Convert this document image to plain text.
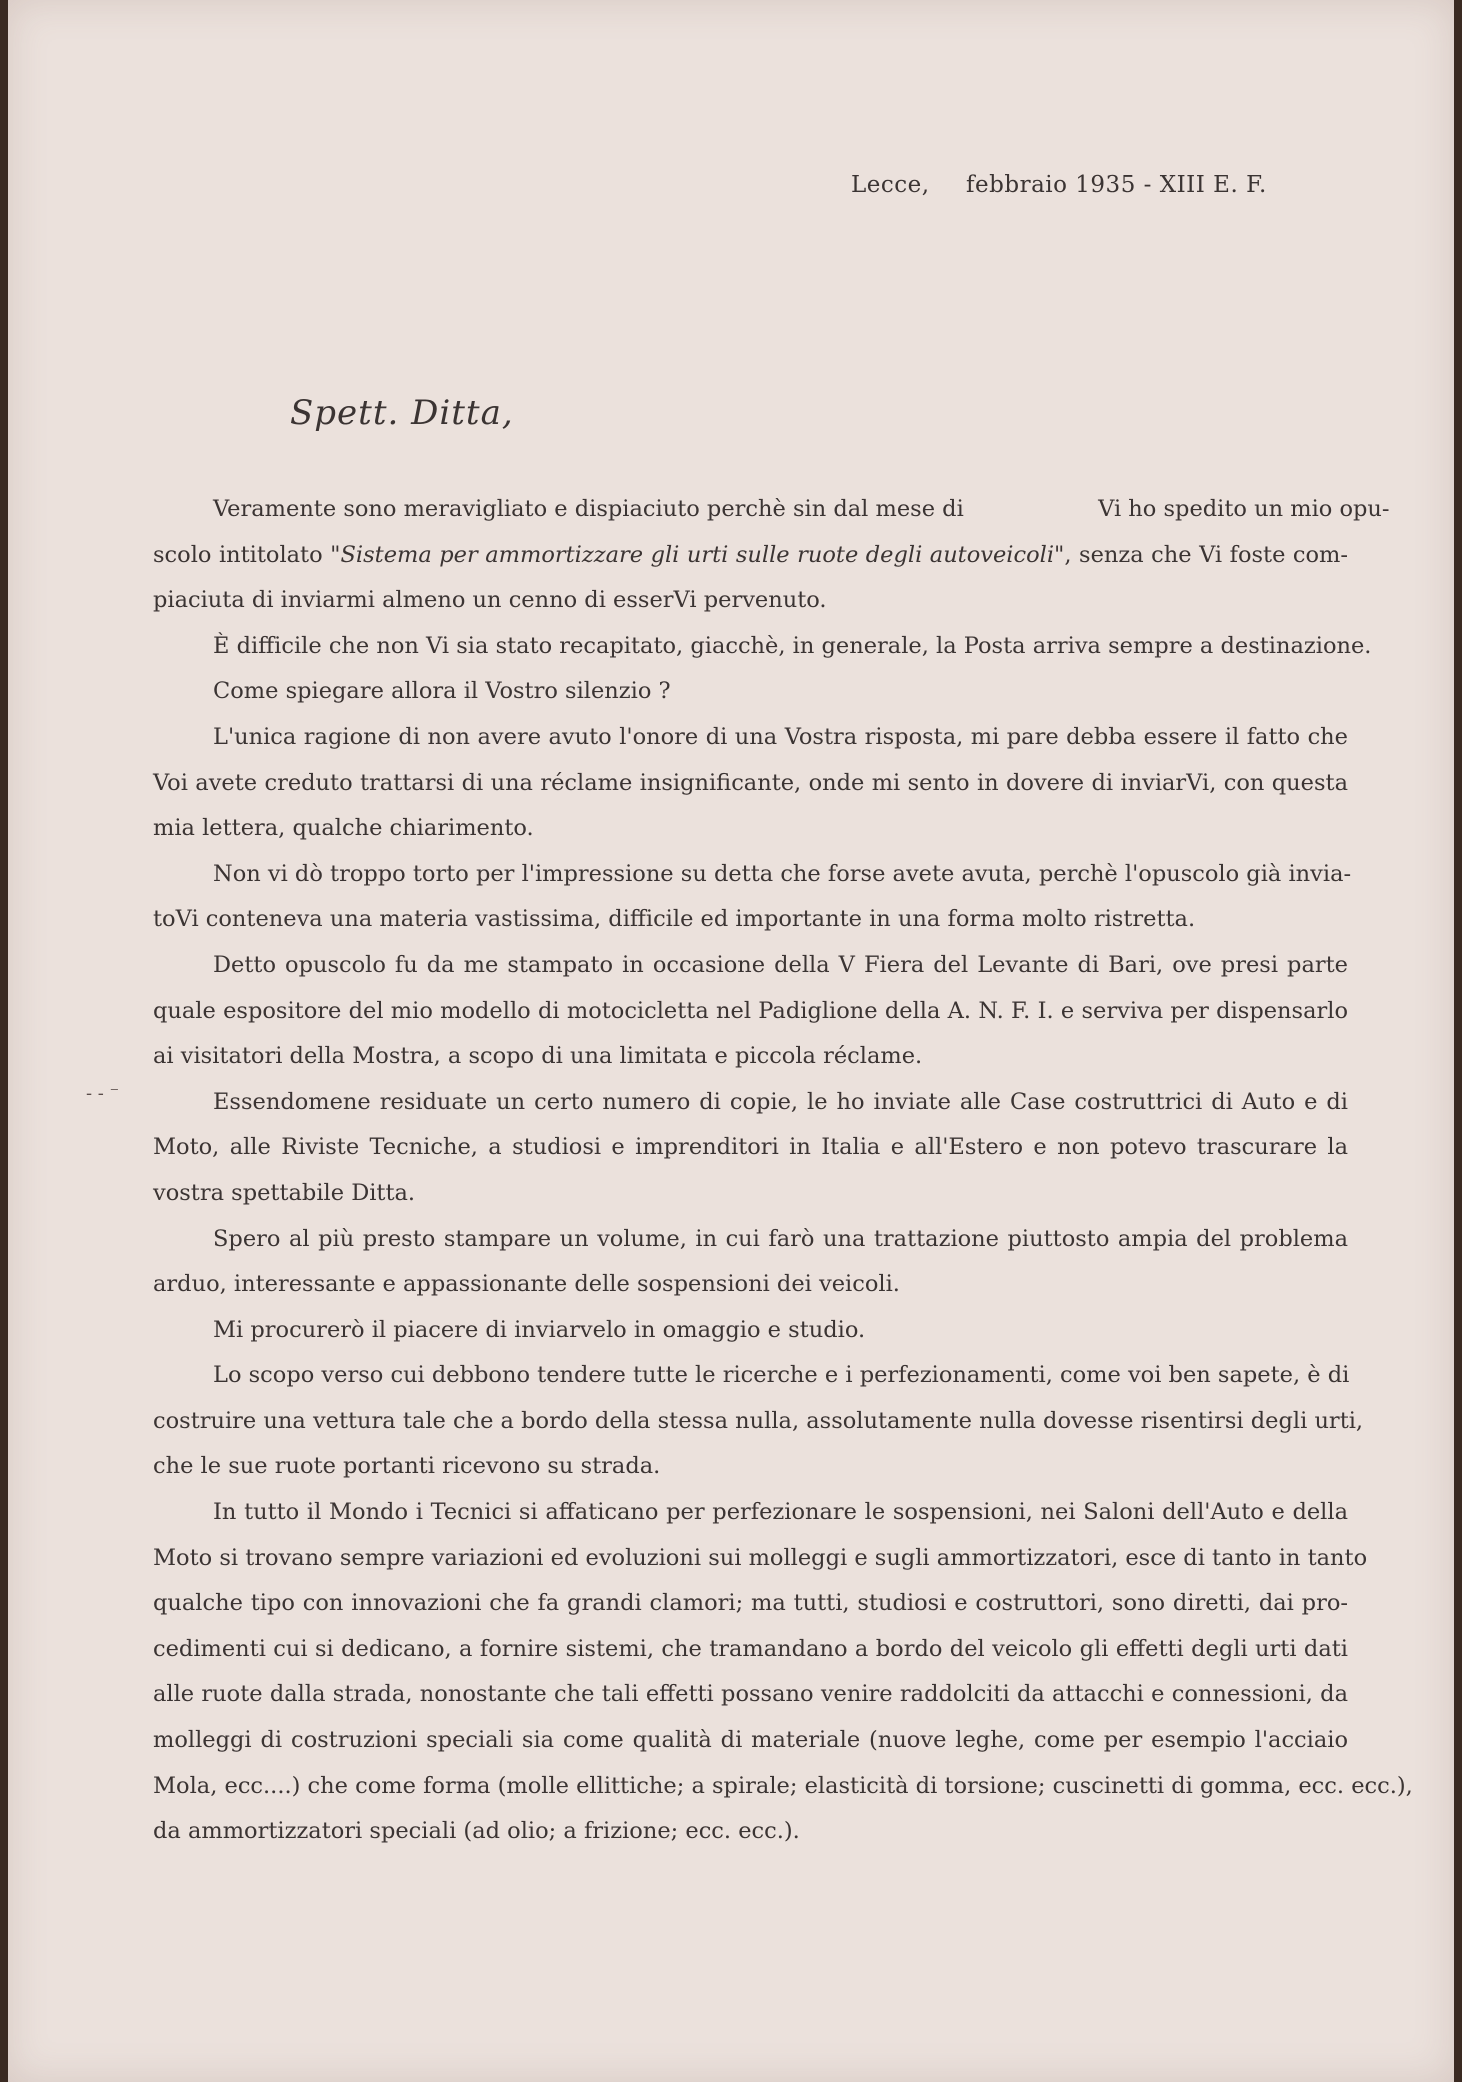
Lecce, febbraio 1935 - XIII E. F.
Spett. Ditta,
- - ⁻
Veramente sono meravigliato e dispiaciuto perchè sin dal mese di	Vi ho spedito un mio opu-
scolo intitolato "Sistema per ammortizzare gli urti sulle ruote degli autoveicoli", senza che Vi foste com-
piaciuta di inviarmi almeno un cenno di esserVi pervenuto.
È difficile che non Vi sia stato recapitato, giacchè, in generale, la Posta arriva sempre a destinazione.
Come spiegare allora il Vostro silenzio ?
L'unica ragione di non avere avuto l'onore di una Vostra risposta, mi pare debba essere il fatto che
Voi avete creduto trattarsi di una réclame insignificante, onde mi sento in dovere di inviarVi, con questa
mia lettera, qualche chiarimento.
Non vi dò troppo torto per l'impressione su detta che forse avete avuta, perchè l'opuscolo già invia-
toVi conteneva una materia vastissima, difficile ed importante in una forma molto ristretta.
Detto opuscolo fu da me stampato in occasione della V Fiera del Levante di Bari, ove presi parte
quale espositore del mio modello di motocicletta nel Padiglione della A. N. F. I. e serviva per dispensarlo
ai visitatori della Mostra, a scopo di una limitata e piccola réclame.
Essendomene residuate un certo numero di copie, le ho inviate alle Case costruttrici di Auto e di
Moto, alle Riviste Tecniche, a studiosi e imprenditori in Italia e all'Estero e non potevo trascurare la
vostra spettabile Ditta.
Spero al più presto stampare un volume, in cui farò una trattazione piuttosto ampia del problema
arduo, interessante e appassionante delle sospensioni dei veicoli.
Mi procurerò il piacere di inviarvelo in omaggio e studio.
Lo scopo verso cui debbono tendere tutte le ricerche e i perfezionamenti, come voi ben sapete, è di
costruire una vettura tale che a bordo della stessa nulla, assolutamente nulla dovesse risentirsi degli urti,
che le sue ruote portanti ricevono su strada.
In tutto il Mondo i Tecnici si affaticano per perfezionare le sospensioni, nei Saloni dell'Auto e della
Moto si trovano sempre variazioni ed evoluzioni sui molleggi e sugli ammortizzatori, esce di tanto in tanto
qualche tipo con innovazioni che fa grandi clamori; ma tutti, studiosi e costruttori, sono diretti, dai pro-
cedimenti cui si dedicano, a fornire sistemi, che tramandano a bordo del veicolo gli effetti degli urti dati
alle ruote dalla strada, nonostante che tali effetti possano venire raddolciti da attacchi e connessioni, da
molleggi di costruzioni speciali sia come qualità di materiale (nuove leghe, come per esempio l'acciaio
Mola, ecc....) che come forma (molle ellittiche; a spirale; elasticità di torsione; cuscinetti di gomma, ecc. ecc.),
da ammortizzatori speciali (ad olio; a frizione; ecc. ecc.).
